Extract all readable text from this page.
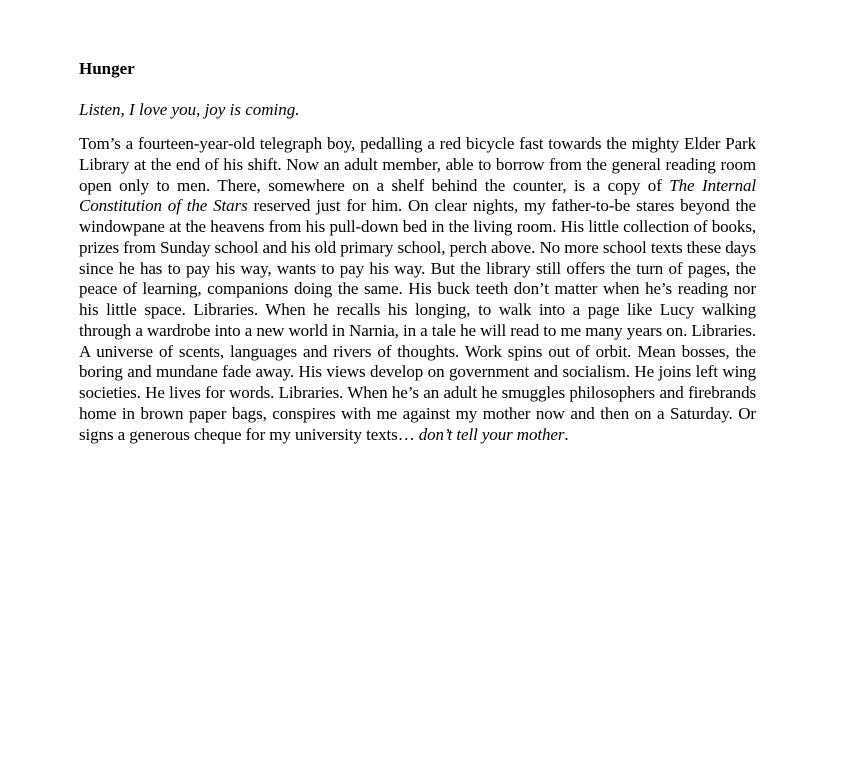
Hunger

Listen, I love you, joy is coming.

Tom’s a fourteen-year-old telegraph boy, pedalling a red bicycle fast towards the mighty Elder Park Library at the end of his shift. Now an adult member, able to borrow from the general reading room open only to men. There, somewhere on a shelf behind the counter, is a copy of The Internal Constitution of the Stars reserved just for him. On clear nights, my father-to-be stares beyond the windowpane at the heavens from his pull-down bed in the living room. His little collection of books, prizes from Sunday school and his old primary school, perch above. No more school texts these days since he has to pay his way, wants to pay his way. But the library still offers the turn of pages, the peace of learning, companions doing the same. His buck teeth don’t matter when he’s reading nor his little space. Libraries. When he recalls his longing, to walk into a page like Lucy walking through a wardrobe into a new world in Narnia, in a tale he will read to me many years on. Libraries. A universe of scents, languages and rivers of thoughts. Work spins out of orbit. Mean bosses, the boring and mundane fade away. His views develop on government and socialism. He joins left wing societies. He lives for words. Libraries. When he’s an adult he smuggles philosophers and firebrands home in brown paper bags, conspires with me against my mother now and then on a Saturday. Or signs a generous cheque for my university texts… don’t tell your mother.
